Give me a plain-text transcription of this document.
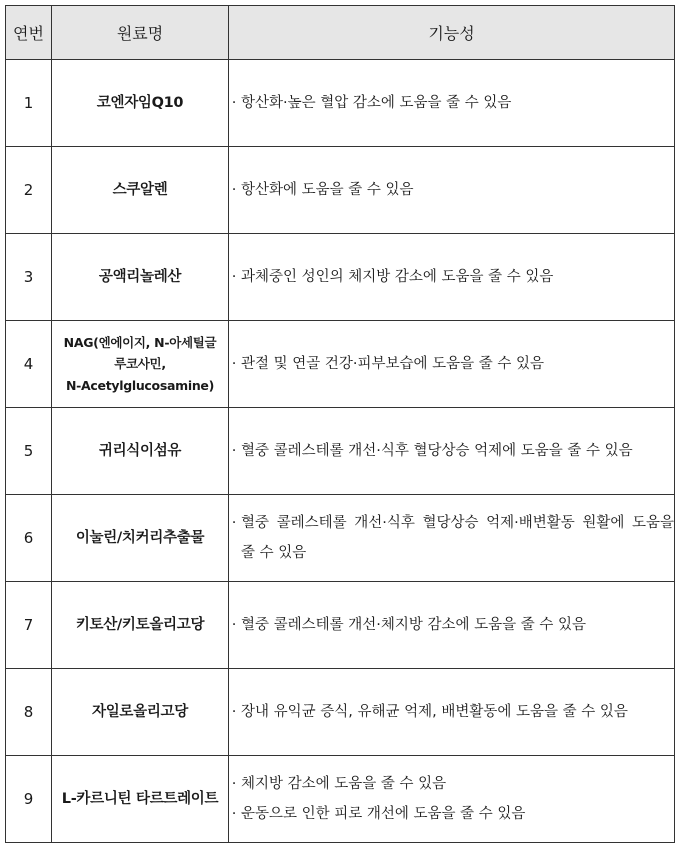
연번	원료명	기능성
1	코엔자임Q10	· 항산화·높은 혈압 감소에 도움을 줄 수 있음

2	스쿠알렌	· 항산화에 도움을 줄 수 있음

3	공액리놀레산	· 과체중인 성인의 체지방 감소에 도움을 줄 수 있음

4	NAG(엔에이지, N-아세틸글
루코사민,
N-Acetylglucosamine)	· 관절 및 연골 건강·피부보습에 도움을 줄 수 있음

5	귀리식이섬유	· 혈중 콜레스테롤 개선·식후 혈당상승 억제에 도움을 줄 수 있음

6	이눌린/치커리추출물	· 혈중 콜레스테롤 개선·식후 혈당상승 억제·배변활동 원활에 도움을 줄 수 있음

7	키토산/키토올리고당	· 혈중 콜레스테롤 개선·체지방 감소에 도움을 줄 수 있음

8	자일로올리고당	· 장내 유익균 증식, 유해균 억제, 배변활동에 도움을 줄 수 있음

9	L-카르니틴 타르트레이트	· 체지방 감소에 도움을 줄 수 있음
· 운동으로 인한 피로 개선에 도움을 줄 수 있음
